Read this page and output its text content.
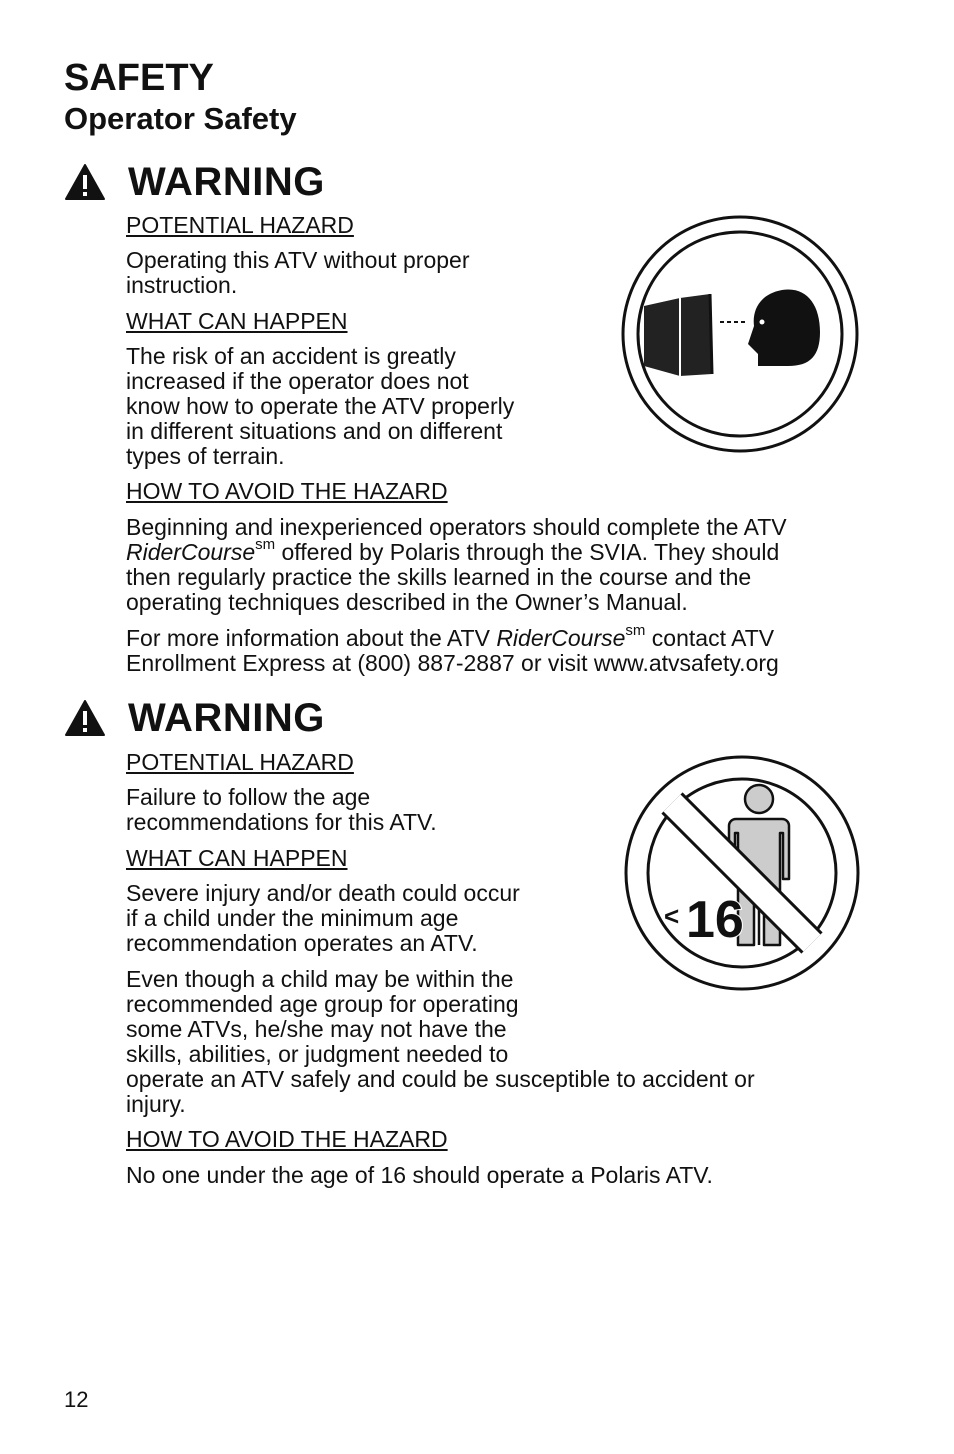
SAFETY
Operator Safety
WARNING
POTENTIAL HAZARD
Operating this ATV without proper
instruction.
WHAT CAN HAPPEN
The risk of an accident is greatly
increased if the operator does not
know how to operate the ATV properly
in different situations and on different
types of terrain.
HOW TO AVOID THE HAZARD
Beginning and inexperienced operators should complete the ATV
RiderCourse$^{sm}$ offered by Polaris through the SVIA. They should
then regularly practice the skills learned in the course and the
operating techniques described in the Owner’s Manual.
For more information about the ATV RiderCourse$^{sm}$ contact ATV
Enrollment Express at (800) 887-2887 or visit www.atvsafety.org
WARNING
POTENTIAL HAZARD
Failure to follow the age
recommendations for this ATV.
WHAT CAN HAPPEN
Severe injury and/or death could occur
if a child under the minimum age
recommendation operates an ATV.
Even though a child may be within the
recommended age group for operating
some ATVs, he/she may not have the
skills, abilities, or judgment needed to
operate an ATV safely and could be susceptible to accident or
injury.
HOW TO AVOID THE HAZARD
No one under the age of 16 should operate a Polaris ATV.
< 16
12
